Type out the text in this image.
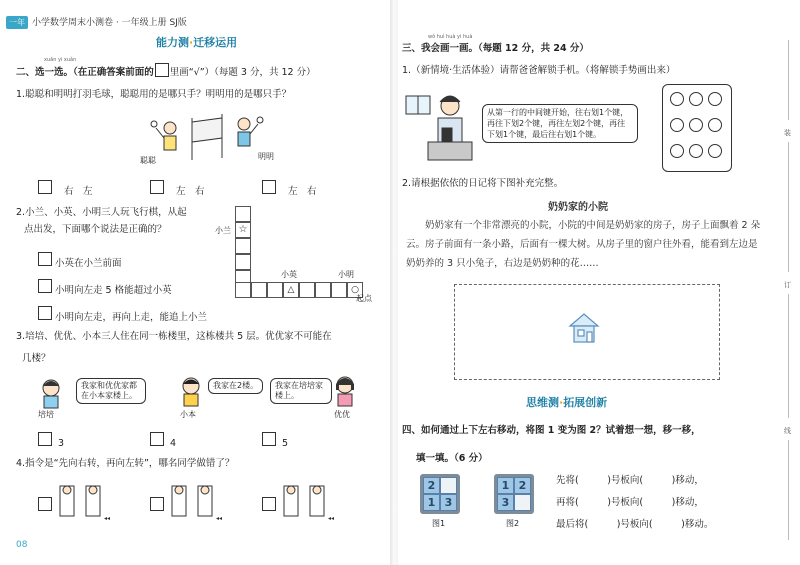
一年 小学数学周末小测卷 · 一年级上册 SJ版
能力测·迁移运用
xuǎn yi xuǎn
二、选一选。（在正确答案前面的 里画“√”）（每题 3 分，共 12 分）
1.聪聪和明明打羽毛球，聪聪用的是哪只手？明明用的是哪只手？
聪聪	明明
右　左	左　右	左　右
2.小兰、小英、小明三人玩飞行棋，从起
点出发，下面哪个说法是正确的？	☆
△	○
小兰
小英	小明
起点
小英在小兰前面
小明向左走 5 格能超过小英
小明向左走，再向上走，能追上小兰
3.培培、优优、小本三人住在同一栋楼里，这栋楼共 5 层。优优家不可能在
几楼？
我家和优优家都在小本家楼上。
培培
我家在2楼。
小本
我家在培培家楼上。
优优
3	4	5
4.指令是“先向右转，再向左转”，哪名同学做错了？
◂◂	◂◂	◂◂
08
wǒ huì huà yi huà
三、我会画一画。（每题 12 分，共 24 分）
1.（新情境·生活体验）请帮爸爸解锁手机。（将解锁手势画出来）
从第一行的中间键开始，往右划1个键，再往下划2个键，再往左划2个键，再往下划1个键，最后往右划1个键。
2.请根据依依的日记将下图补充完整。
奶奶家的小院
奶奶家有一个非常漂亮的小院，小院的中间是奶奶家的房子，房子上面飘着 2 朵云。房子前面有一条小路，后面有一棵大树。从房子里的窗户往外看，能看到左边是奶奶养的 3 只小兔子，右边是奶奶种的花……
思维测·拓展创新
四、如何通过上下左右移动，将图 1 变为图 2？试着想一想，移一移，
填一填。（6 分）
2
1 3
图1
1 2
3
图2
先将(　　　)号板向(　　　)移动，
再将(　　　)号板向(　　　)移动，
最后将(　　　)号板向(　　　)移动。
装
订
线
